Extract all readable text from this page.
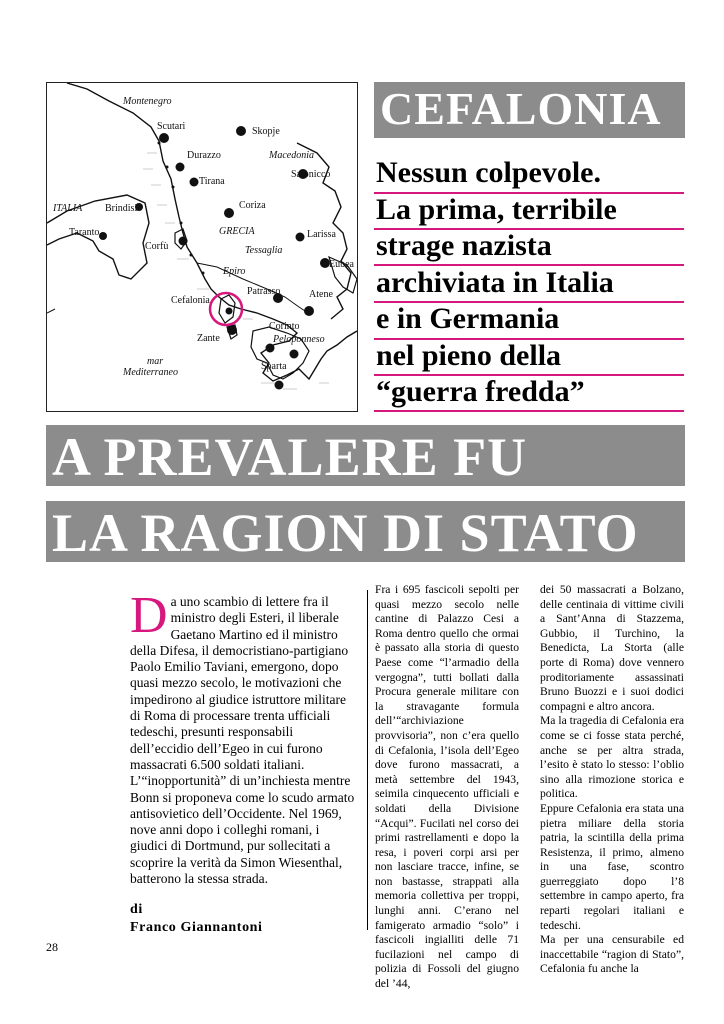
Montenegro
Scutari	Skopje
Durazzo	Macedonia
Salonicco
Tirana
ITALIA Brindisi	Coriza
Taranto
Corfù
GRECIA	Larissa
Tessaglia
Epiro
Eubea
Cefalonia
Patrasso	Atene
Corinto
Peloponneso
Zante
mar
Mediterraneo
Sparta
CEFALONIA
Nessun colpevole.
La prima, terribile
strage nazista
archiviata in Italia
e in Germania
nel pieno della
“guerra fredda”
A PREVALERE FU
LA RAGION DI STATO
Da uno scambio di lettere fra il ministro degli Esteri, il liberale Gaetano Martino ed il ministro della Difesa, il democristiano-partigiano Paolo Emilio Taviani, emergono, dopo quasi mezzo secolo, le motivazioni che impedirono al giudice istruttore militare di Roma di processare trenta ufficiali tedeschi, presunti responsabili dell’eccidio dell’Egeo in cui furono massacrati 6.500 soldati italiani. L’“inopportunità” di un’inchiesta mentre Bonn si proponeva come lo scudo armato antisovietico dell’Occidente. Nel 1969, nove anni dopo i colleghi romani, i giudici di Dortmund, pur sollecitati a scoprire la verità da Simon Wiesenthal, batterono la stessa strada.
di
Franco Giannantoni
Fra i 695 fascicoli sepolti per quasi mezzo secolo nelle cantine di Palazzo Cesi a Roma dentro quello che ormai è passato alla storia di questo Paese come “l’armadio della vergogna”, tutti bollati dalla Procura generale militare con la stravagante formula dell’“archiviazione provvisoria”, non c’era quello di Cefalonia, l’isola dell’Egeo dove furono massacrati, a metà settembre del 1943, seimila cinquecento ufficiali e soldati della Divisione “Acqui”. Fucilati nel corso dei primi rastrellamenti e dopo la resa, i poveri corpi arsi per non lasciare tracce, infine, se non bastasse, strappati alla memoria collettiva per troppi, lunghi anni. C’erano nel famigerato armadio “solo” i fascicoli ingialliti delle 71 fucilazioni nel campo di polizia di Fossoli del giugno del ’44,
dei 50 massacrati a Bolzano, delle centinaia di vittime civili a Sant’Anna di Stazzema, Gubbio, il Turchino, la Benedicta, La Storta (alle porte di Roma) dove vennero proditoriamente assassinati Bruno Buozzi e i suoi dodici compagni e altro ancora.
Ma la tragedia di Cefalonia era come se ci fosse stata perché, anche se per altra strada, l’esito è stato lo stesso: l’oblio sino alla rimozione storica e politica.
Eppure Cefalonia era stata una pietra miliare della storia patria, la scintilla della prima Resistenza, il primo, almeno in una fase, scontro guerreggiato dopo l’8 settembre in campo aperto, fra reparti regolari italiani e tedeschi.
Ma per una censurabile ed inaccettabile “ragion di Stato”, Cefalonia fu anche la
28
